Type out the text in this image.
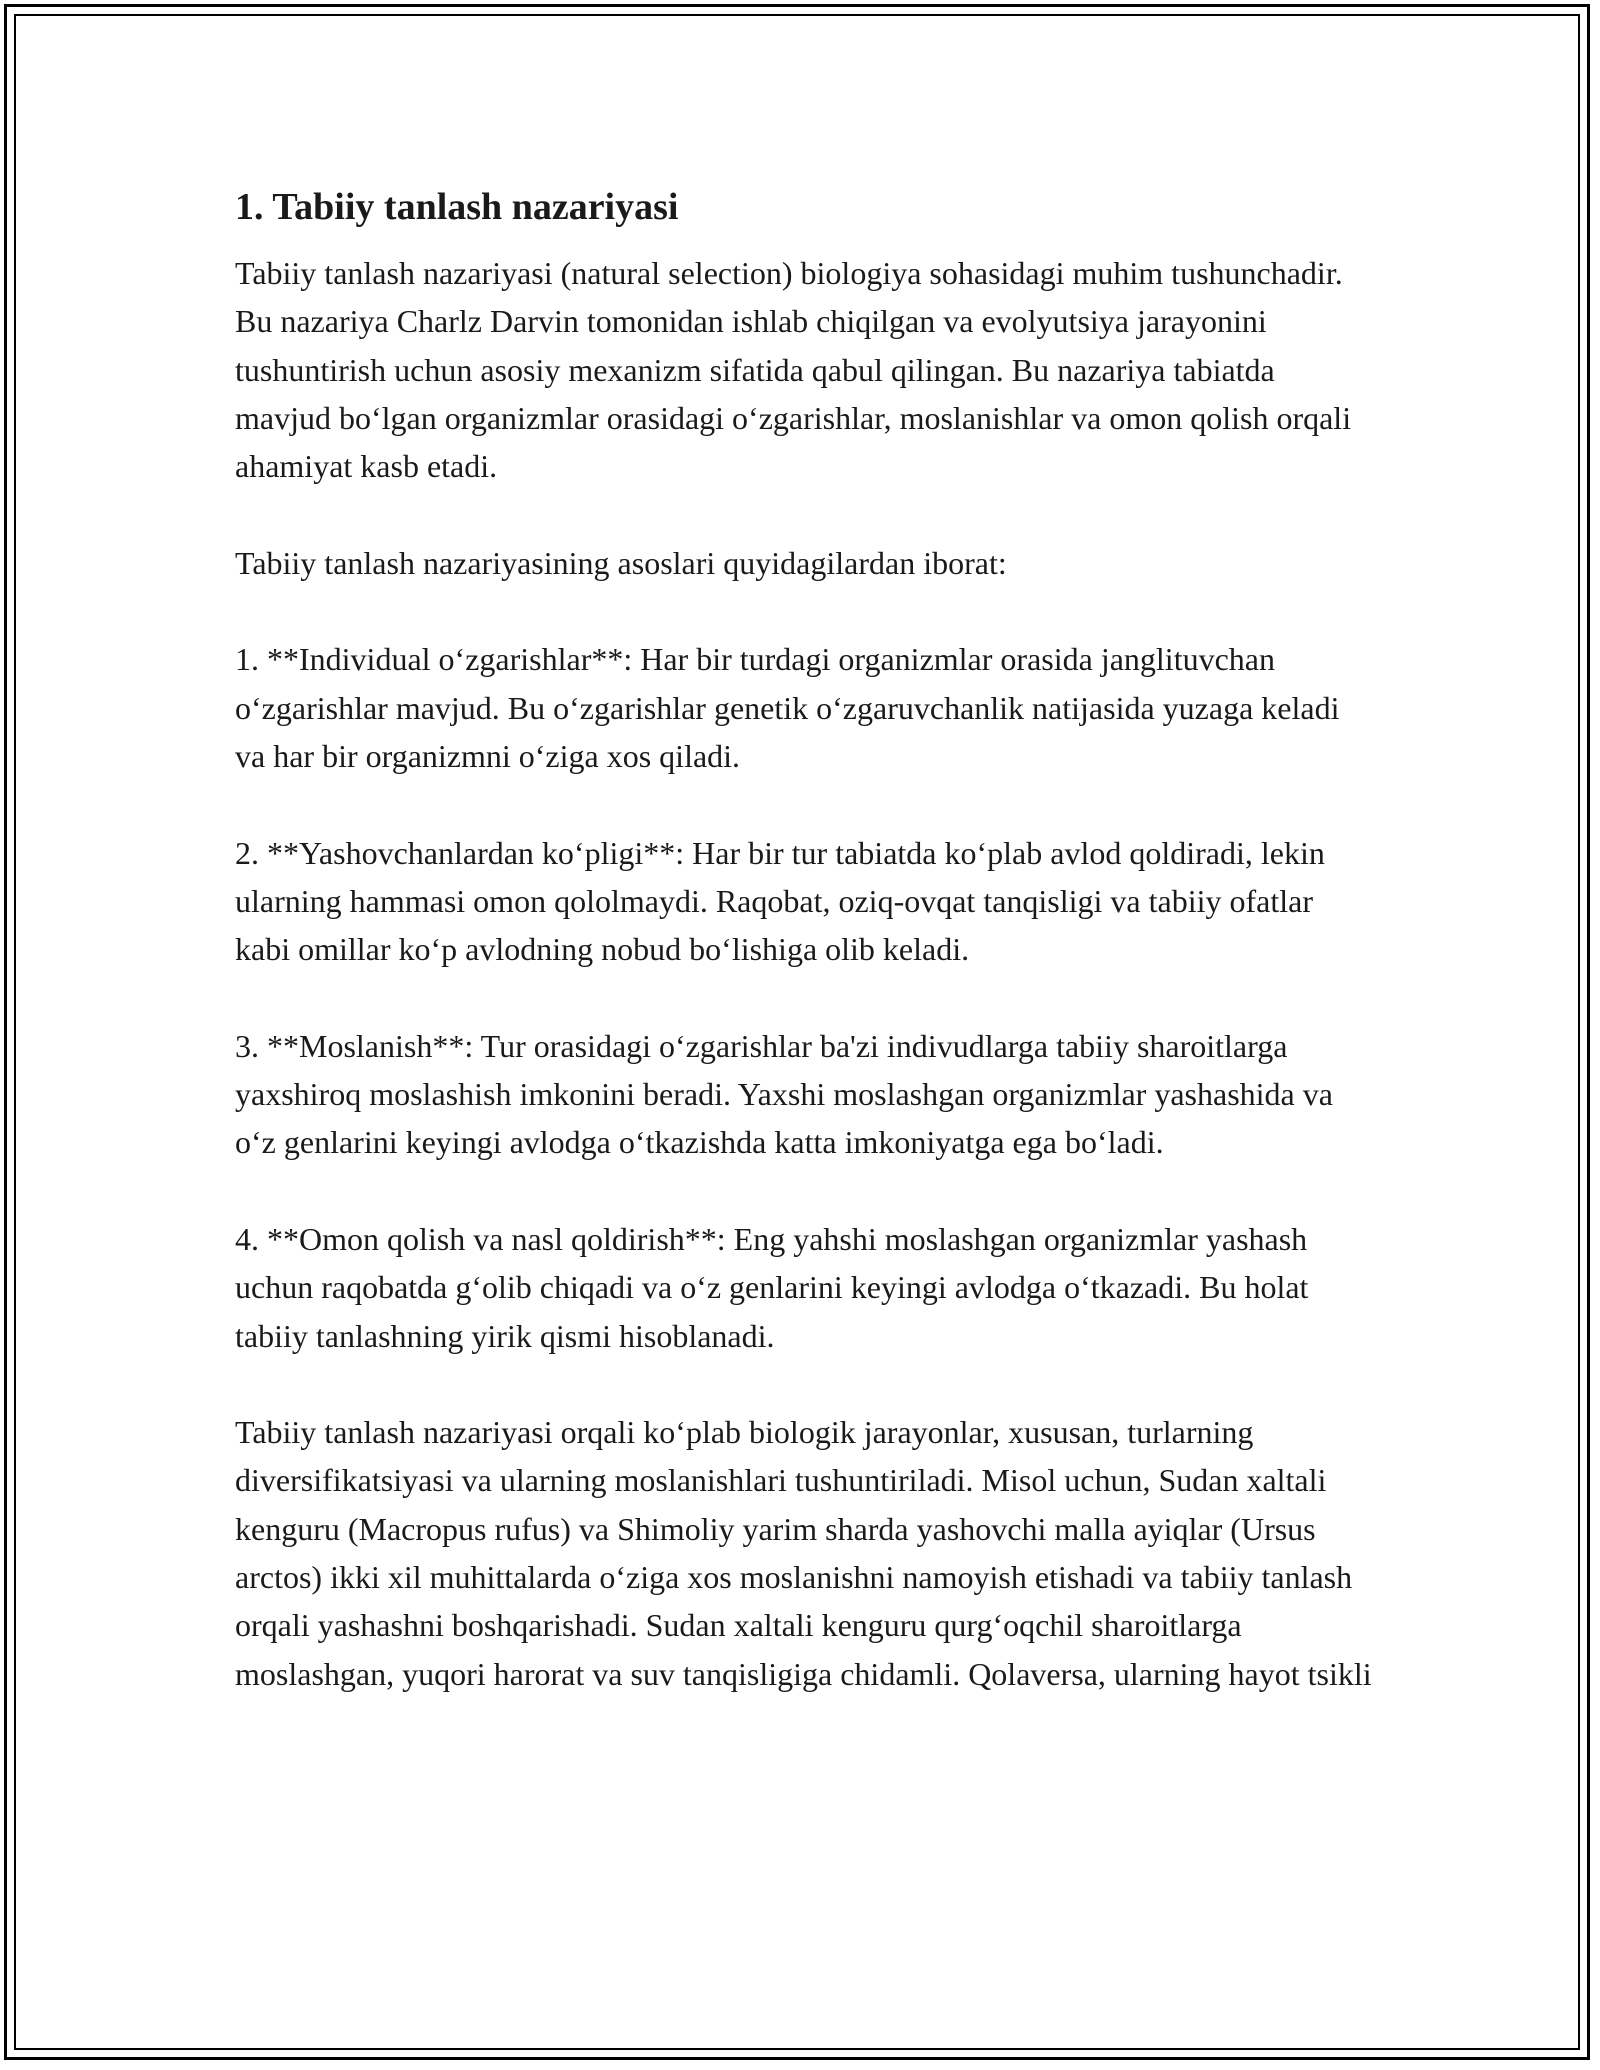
1. Tabiiy tanlash nazariyasi

Tabiiy tanlash nazariyasi (natural selection) biologiya sohasidagi muhim tushunchadir. Bu nazariya Charlz Darvin tomonidan ishlab chiqilgan va evolyutsiya jarayonini tushuntirish uchun asosiy mexanizm sifatida qabul qilingan. Bu nazariya tabiatda mavjud bo‘lgan organizmlar orasidagi o‘zgarishlar, moslanishlar va omon qolish orqali ahamiyat kasb etadi.

Tabiiy tanlash nazariyasining asoslari quyidagilardan iborat:

1. **Individual o‘zgarishlar**: Har bir turdagi organizmlar orasida janglituvchan o‘zgarishlar mavjud. Bu o‘zgarishlar genetik o‘zgaruvchanlik natijasida yuzaga keladi va har bir organizmni o‘ziga xos qiladi.

2. **Yashovchanlardan ko‘pligi**: Har bir tur tabiatda ko‘plab avlod qoldiradi, lekin ularning hammasi omon qololmaydi. Raqobat, oziq-ovqat tanqisligi va tabiiy ofatlar kabi omillar ko‘p avlodning nobud bo‘lishiga olib keladi.

3. **Moslanish**: Tur orasidagi o‘zgarishlar ba'zi indivudlarga tabiiy sharoitlarga yaxshiroq moslashish imkonini beradi. Yaxshi moslashgan organizmlar yashashida va o‘z genlarini keyingi avlodga o‘tkazishda katta imkoniyatga ega bo‘ladi.

4. **Omon qolish va nasl qoldirish**: Eng yahshi moslashgan organizmlar yashash uchun raqobatda g‘olib chiqadi va o‘z genlarini keyingi avlodga o‘tkazadi. Bu holat tabiiy tanlashning yirik qismi hisoblanadi.

Tabiiy tanlash nazariyasi orqali ko‘plab biologik jarayonlar, xususan, turlarning diversifikatsiyasi va ularning moslanishlari tushuntiriladi. Misol uchun, Sudan xaltali kenguru (Macropus rufus) va Shimoliy yarim sharda yashovchi malla ayiqlar (Ursus arctos) ikki xil muhittalarda o‘ziga xos moslanishni namoyish etishadi va tabiiy tanlash orqali yashashni boshqarishadi. Sudan xaltali kenguru qurg‘oqchil sharoitlarga moslashgan, yuqori harorat va suv tanqisligiga chidamli. Qolaversa, ularning hayot tsikli
